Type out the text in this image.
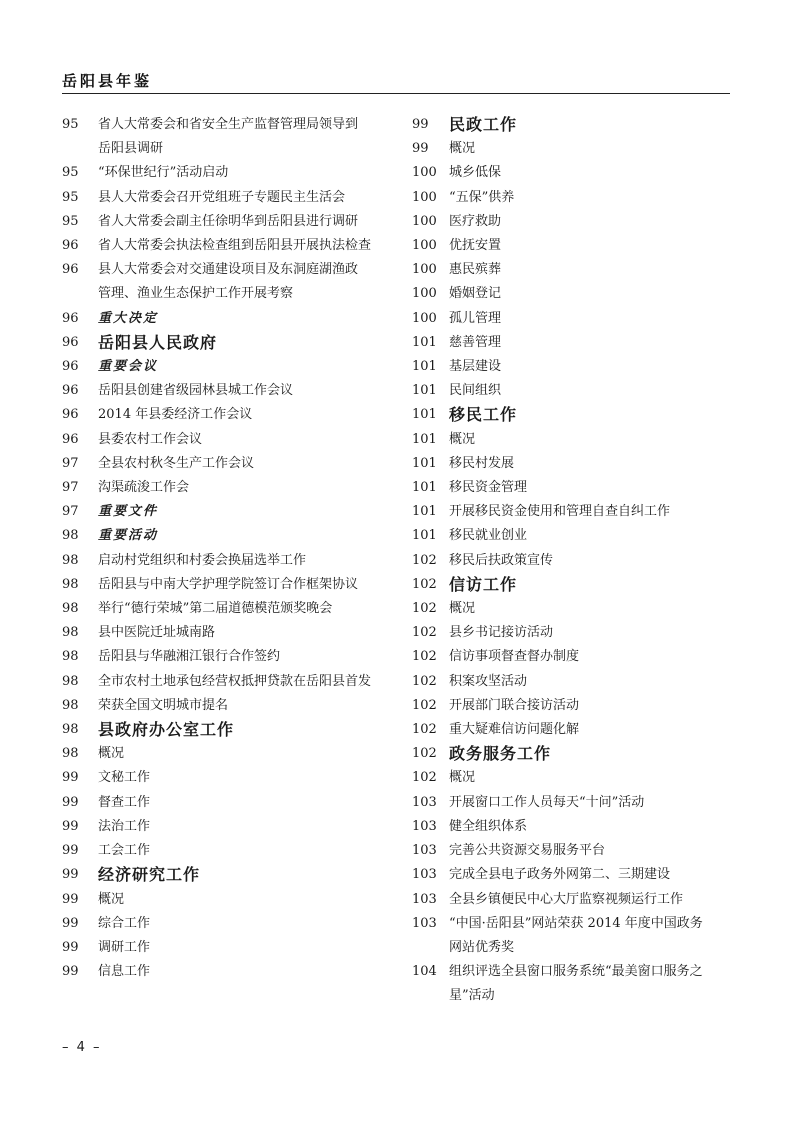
岳阳县年鉴
95	省人大常委会和省安全生产监督管理局领导到
岳阳县调研
95	“环保世纪行”活动启动
95	县人大常委会召开党组班子专题民主生活会
95	省人大常委会副主任徐明华到岳阳县进行调研
96	省人大常委会执法检查组到岳阳县开展执法检查
96	县人大常委会对交通建设项目及东洞庭湖渔政
管理、渔业生态保护工作开展考察
96	重大决定
96	岳阳县人民政府
96	重要会议
96	岳阳县创建省级园林县城工作会议
96	2014 年县委经济工作会议
96	县委农村工作会议
97	全县农村秋冬生产工作会议
97	沟渠疏浚工作会
97	重要文件
98	重要活动
98	启动村党组织和村委会换届选举工作
98	岳阳县与中南大学护理学院签订合作框架协议
98	举行“德行荣城”第二届道德模范颁奖晚会
98	县中医院迁址城南路
98	岳阳县与华融湘江银行合作签约
98	全市农村土地承包经营权抵押贷款在岳阳县首发
98	荣获全国文明城市提名
98	县政府办公室工作
98	概况
99	文秘工作
99	督查工作
99	法治工作
99	工会工作
99	经济研究工作
99	概况
99	综合工作
99	调研工作
99	信息工作
99	民政工作
99	概况
100 城乡低保
100 “五保”供养
100 医疗救助
100 优抚安置
100 惠民殡葬
100 婚姻登记
100 孤儿管理
101 慈善管理
101 基层建设
101 民间组织
101 移民工作
101 概况
101 移民村发展
101 移民资金管理
101 开展移民资金使用和管理自查自纠工作
101 移民就业创业
102 移民后扶政策宣传
102 信访工作
102 概况
102 县乡书记接访活动
102 信访事项督查督办制度
102 积案攻坚活动
102 开展部门联合接访活动
102 重大疑难信访问题化解
102 政务服务工作
102 概况
103 开展窗口工作人员每天“十问”活动
103 健全组织体系
103 完善公共资源交易服务平台
103 完成全县电子政务外网第二、三期建设
103 全县乡镇便民中心大厅监察视频运行工作
103 “中国·岳阳县”网站荣获 2014 年度中国政务
网站优秀奖
104 组织评选全县窗口服务系统“最美窗口服务之
星”活动
– 4 –
